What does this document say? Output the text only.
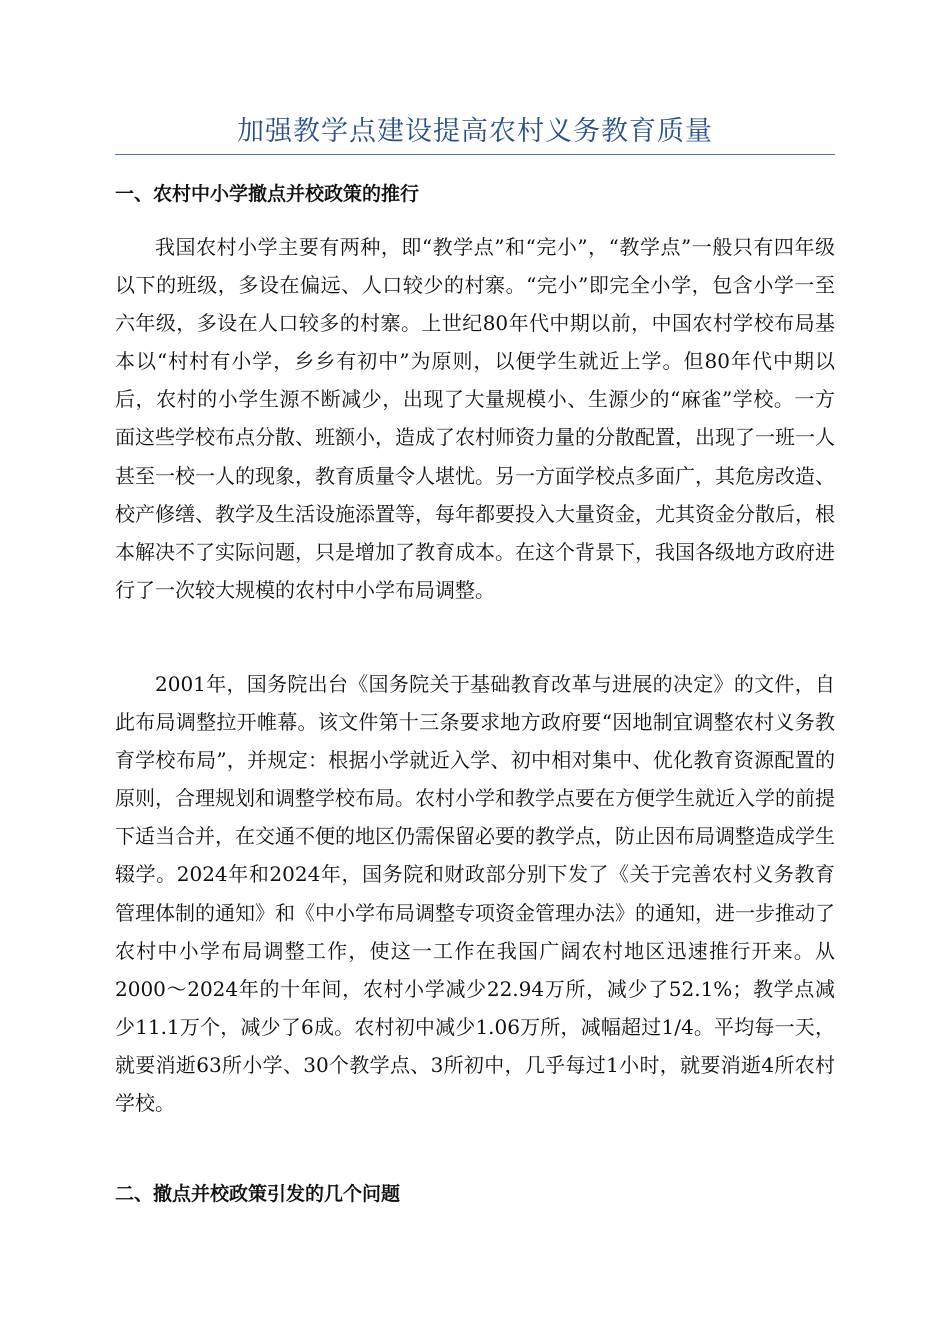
加强教学点建设提高农村义务教育质量
一、农村中小学撤点并校政策的推行

我国农村小学主要有两种，即“教学点”和“完小”，“教学点”一般只有四年级以下的班级，多设在偏远、人口较少的村寨。“完小”即完全小学，包含小学一至六年级，多设在人口较多的村寨。上世纪80年代中期以前，中国农村学校布局基本以“村村有小学，乡乡有初中”为原则，以便学生就近上学。但80年代中期以后，农村的小学生源不断减少，出现了大量规模小、生源少的“麻雀”学校。一方面这些学校布点分散、班额小，造成了农村师资力量的分散配置，出现了一班一人甚至一校一人的现象，教育质量令人堪忧。另一方面学校点多面广，其危房改造、校产修缮、教学及生活设施添置等，每年都要投入大量资金，尤其资金分散后，根本解决不了实际问题，只是增加了教育成本。在这个背景下，我国各级地方政府进行了一次较大规模的农村中小学布局调整。

2001年，国务院出台《国务院关于基础教育改革与进展的决定》的文件，自此布局调整拉开帷幕。该文件第十三条要求地方政府要“因地制宜调整农村义务教育学校布局”，并规定：根据小学就近入学、初中相对集中、优化教育资源配置的原则，合理规划和调整学校布局。农村小学和教学点要在方便学生就近入学的前提下适当合并，在交通不便的地区仍需保留必要的教学点，防止因布局调整造成学生辍学。2024年和2024年，国务院和财政部分别下发了《关于完善农村义务教育管理体制的通知》和《中小学布局调整专项资金管理办法》的通知，进一步推动了农村中小学布局调整工作，使这一工作在我国广阔农村地区迅速推行开来。从2000～2024年的十年间，农村小学减少22.94万所，减少了52.1%；教学点减少11.1万个，减少了6成。农村初中减少1.06万所，减幅超过1/4。平均每一天，就要消逝63所小学、30个教学点、3所初中，几乎每过1小时，就要消逝4所农村学校。

二、撤点并校政策引发的几个问题
